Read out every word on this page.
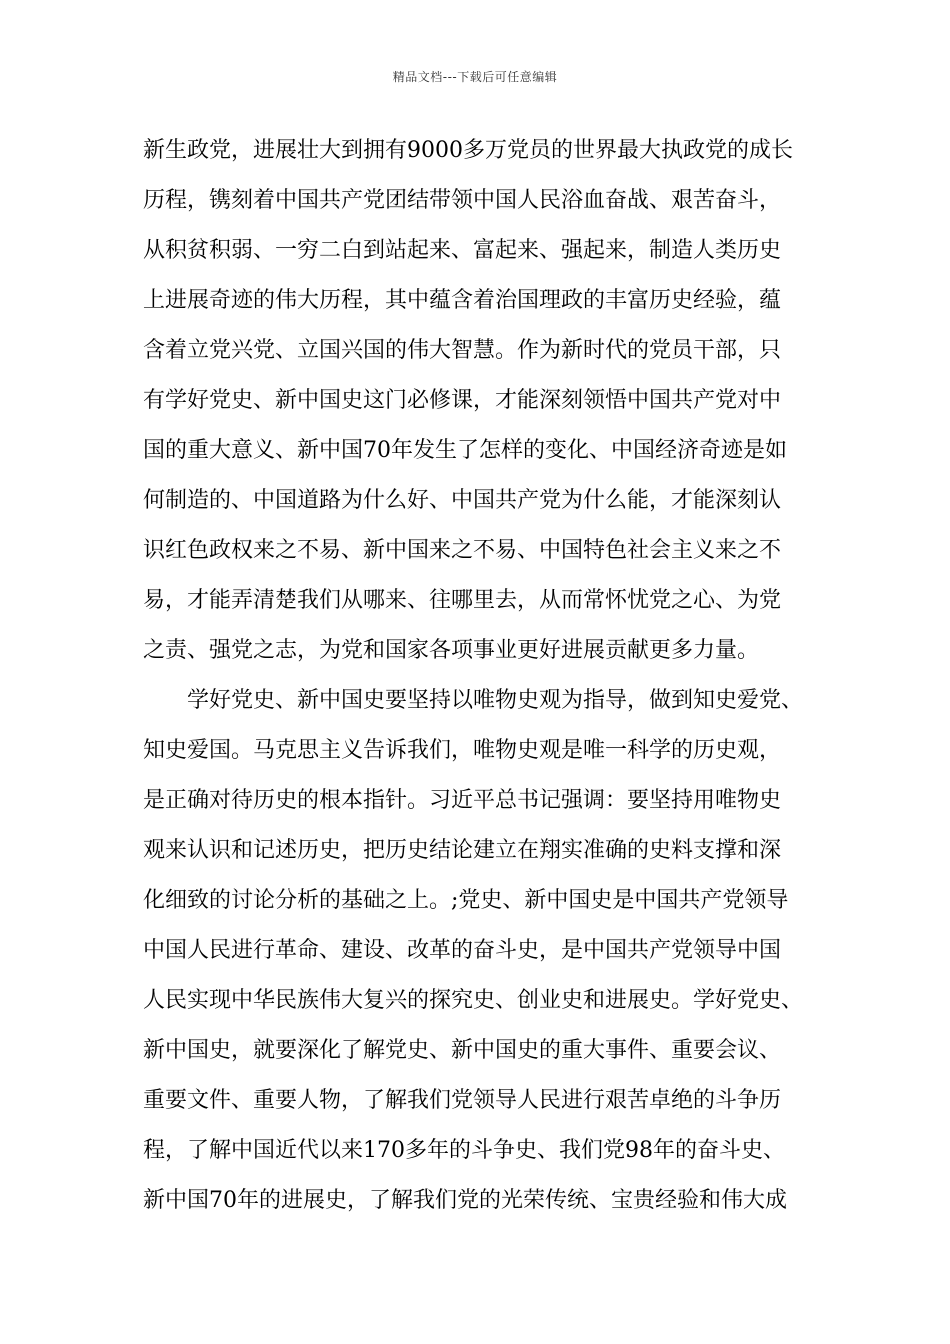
精品文档---下载后可任意编辑
新生政党，进展壮大到拥有9000多万党员的世界最大执政党的成长
历程，镌刻着中国共产党团结带领中国人民浴血奋战、艰苦奋斗，
从积贫积弱、一穷二白到站起来、富起来、强起来，制造人类历史
上进展奇迹的伟大历程，其中蕴含着治国理政的丰富历史经验，蕴
含着立党兴党、立国兴国的伟大智慧。作为新时代的党员干部，只
有学好党史、新中国史这门必修课，才能深刻领悟中国共产党对中
国的重大意义、新中国70年发生了怎样的变化、中国经济奇迹是如
何制造的、中国道路为什么好、中国共产党为什么能，才能深刻认
识红色政权来之不易、新中国来之不易、中国特色社会主义来之不
易，才能弄清楚我们从哪来、往哪里去，从而常怀忧党之心、为党
之责、强党之志，为党和国家各项事业更好进展贡献更多力量。
学好党史、新中国史要坚持以唯物史观为指导，做到知史爱党、
知史爱国。马克思主义告诉我们，唯物史观是唯一科学的历史观，
是正确对待历史的根本指针。习近平总书记强调：要坚持用唯物史
观来认识和记述历史，把历史结论建立在翔实准确的史料支撑和深
化细致的讨论分析的基础之上。;党史、新中国史是中国共产党领导
中国人民进行革命、建设、改革的奋斗史，是中国共产党领导中国
人民实现中华民族伟大复兴的探究史、创业史和进展史。学好党史、
新中国史，就要深化了解党史、新中国史的重大事件、重要会议、
重要文件、重要人物，了解我们党领导人民进行艰苦卓绝的斗争历
程，了解中国近代以来170多年的斗争史、我们党98年的奋斗史、
新中国70年的进展史，了解我们党的光荣传统、宝贵经验和伟大成
